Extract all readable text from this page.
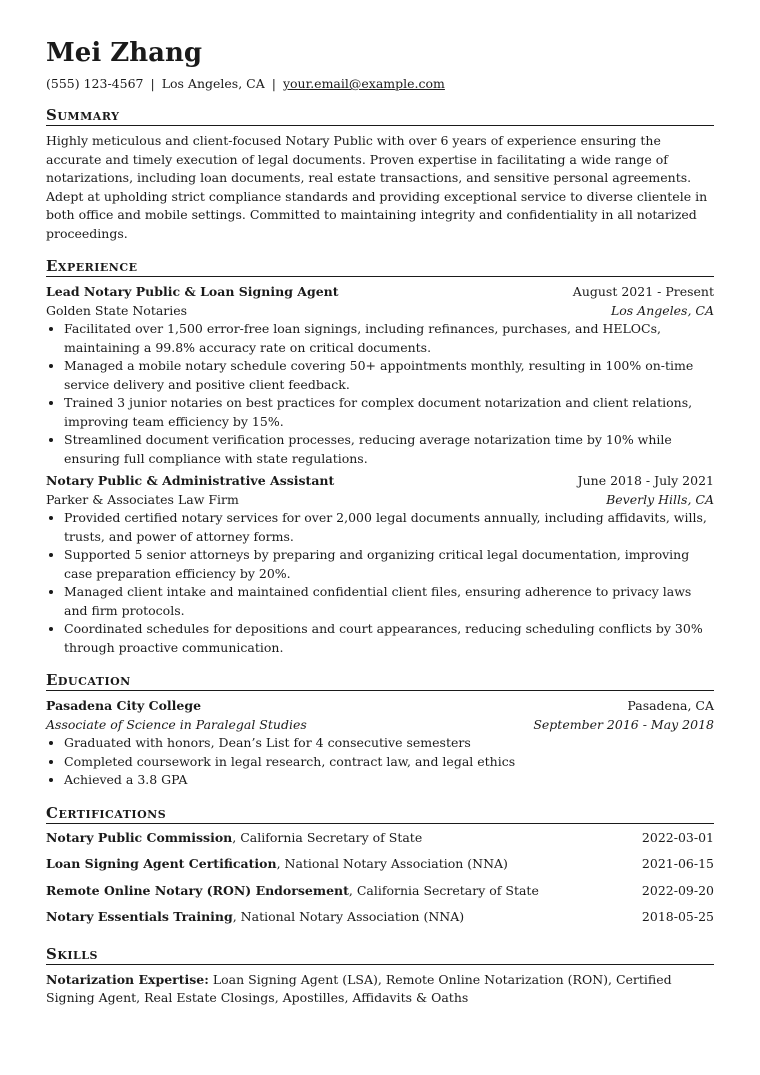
Mei Zhang
(555) 123-4567 | Los Angeles, CA | your.email@example.com
Summary

Highly meticulous and client-focused Notary Public with over 6 years of experience ensuring the accurate and timely execution of legal documents. Proven expertise in facilitating a wide range of notarizations, including loan documents, real estate transactions, and sensitive personal agreements. Adept at upholding strict compliance standards and providing exceptional service to diverse clientele in both office and mobile settings. Committed to maintaining integrity and confidentiality in all notarized proceedings.

Experience
Lead Notary Public & Loan Signing Agent	August 2021 - Present
Golden State Notaries	Los Angeles, CA
• Facilitated over 1,500 error-free loan signings, including refinances, purchases, and HELOCs, maintaining a 99.8% accuracy rate on critical documents.
• Managed a mobile notary schedule covering 50+ appointments monthly, resulting in 100% on-time service delivery and positive client feedback.
• Trained 3 junior notaries on best practices for complex document notarization and client relations, improving team efficiency by 15%.
• Streamlined document verification processes, reducing average notarization time by 10% while ensuring full compliance with state regulations.
Notary Public & Administrative Assistant	June 2018 - July 2021
Parker & Associates Law Firm	Beverly Hills, CA
• Provided certified notary services for over 2,000 legal documents annually, including affidavits, wills, trusts, and power of attorney forms.
• Supported 5 senior attorneys by preparing and organizing critical legal documentation, improving case preparation efficiency by 20%.
• Managed client intake and maintained confidential client files, ensuring adherence to privacy laws and firm protocols.
• Coordinated schedules for depositions and court appearances, reducing scheduling conflicts by 30% through proactive communication.
Education
Pasadena City College	Pasadena, CA
Associate of Science in Paralegal Studies	September 2016 - May 2018
• Graduated with honors, Dean’s List for 4 consecutive semesters
• Completed coursework in legal research, contract law, and legal ethics
• Achieved a 3.8 GPA
Certifications
Notary Public Commission, California Secretary of State	2022-03-01
Loan Signing Agent Certification, National Notary Association (NNA)	2021-06-15
Remote Online Notary (RON) Endorsement, California Secretary of State	2022-09-20
Notary Essentials Training, National Notary Association (NNA)	2018-05-25
Skills
Notarization Expertise: Loan Signing Agent (LSA), Remote Online Notarization (RON), Certified Signing Agent, Real Estate Closings, Apostilles, Affidavits & Oaths
